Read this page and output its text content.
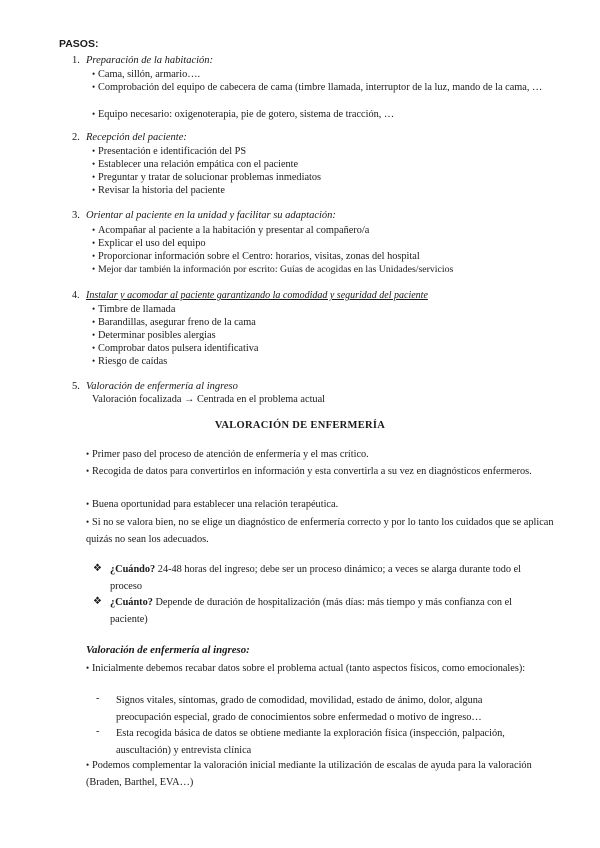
PASOS:
1. Preparación de la habitación:
• Cama, sillón, armario….
• Comprobación del equipo de cabecera de cama (timbre llamada, interruptor de la luz, mando de la cama, …
• Equipo necesario: oxigenoterapia, pie de gotero, sistema de tracción, …
2. Recepción del paciente:
• Presentación e identificación del PS
• Establecer una relación empática con el paciente
• Preguntar y tratar de solucionar problemas inmediatos
• Revisar la historia del paciente
3. Orientar al paciente en la unidad y facilitar su adaptación:
• Acompañar al paciente a la habitación y presentar al compañero/a
• Explicar el uso del equipo
• Proporcionar información sobre el Centro: horarios, visitas, zonas del hospital
• Mejor dar también la información por escrito: Guías de acogidas en las Unidades/servicios
4. Instalar y acomodar al paciente garantizando la comodidad y seguridad del paciente
• Timbre de llamada
• Barandillas, asegurar freno de la cama
• Determinar posibles alergias
• Comprobar datos pulsera identificativa
• Riesgo de caídas
5. Valoración de enfermería al ingreso
Valoración focalizada → Centrada en el problema actual
VALORACIÓN DE ENFERMERÍA
• Primer paso del proceso de atención de enfermería y el mas crítico.
• Recogida de datos para convertirlos en información y esta convertirla a su vez en diagnósticos enfermeros.
• Buena oportunidad para establecer una relación terapéutica.
• Si no se valora bien, no se elige un diagnóstico de enfermería correcto y por lo tanto los cuidados que se aplican quizás no sean los adecuados.
❖ ¿Cuándo? 24-48 horas del ingreso; debe ser un proceso dinámico; a veces se alarga durante todo el proceso
❖ ¿Cuánto? Depende de duración de hospitalización (más días: más tiempo y más confianza con el paciente)
Valoración de enfermería al ingreso:
• Inicialmente debemos recabar datos sobre el problema actual (tanto aspectos físicos, como emocionales):
- Signos vitales, síntomas, grado de comodidad, movilidad, estado de ánimo, dolor, alguna preocupación especial, grado de conocimientos sobre enfermedad o motivo de ingreso…
- Esta recogida básica de datos se obtiene mediante la exploración física (inspección, palpación, auscultación) y entrevista clínica
• Podemos complementar la valoración inicial mediante la utilización de escalas de ayuda para la valoración (Braden, Barthel, EVA…)
